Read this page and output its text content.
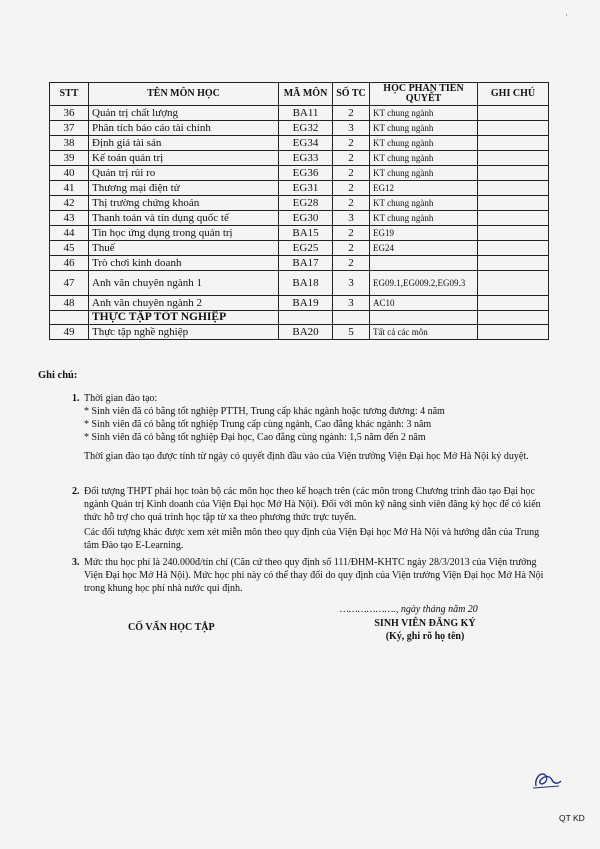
·
STT	TÊN MÔN HỌC	MÃ MÔN	SỐ TC	HỌC PHẦN TIÊN QUYẾT	GHI CHÚ
36	Quản trị chất lượng	BA11	2	KT chung ngành	
37	Phân tích báo cáo tài chính	EG32	3	KT chung ngành	
38	Định giá tài sản	EG34	2	KT chung ngành	
39	Kế toán quản trị	EG33	2	KT chung ngành	
40	Quản trị rủi ro	EG36	2	KT chung ngành	
41	Thương mại điện tử	EG31	2	EG12	
42	Thị trường chứng khoán	EG28	2	KT chung ngành	
43	Thanh toán và tín dụng quốc tế	EG30	3	KT chung ngành	
44	Tin học ứng dụng trong quản trị	BA15	2	EG19	
45	Thuế	EG25	2	EG24	
46	Trò chơi kinh doanh	BA17	2		
47	Anh văn chuyên ngành 1	BA18	3	EG09.1,EG009.2,EG09.3	
48	Anh văn chuyên ngành 2	BA19	3	AC10	
	THỰC TẬP TỐT NGHIỆP				
49	Thực tập nghề nghiệp	BA20	5	Tất cả các môn	
Ghi chú:
1. Thời gian đào tạo:

* Sinh viên đã có bằng tốt nghiệp PTTH, Trung cấp khác ngành hoặc tương đương: 4 năm

* Sinh viên đã có bằng tốt nghiệp Trung cấp cùng ngành, Cao đẳng khác ngành: 3 năm

* Sinh viên đã có bằng tốt nghiệp Đại học, Cao đẳng cùng ngành: 1,5 năm đến 2 năm

Thời gian đào tạo được tính từ ngày có quyết định đầu vào của Viện trưởng Viện Đại học Mở Hà Nội ký duyệt.

2. Đối tượng THPT phải học toàn bộ các môn học theo kế hoạch trên (các môn trong Chương trình đào tạo Đại học ngành Quản trị Kinh doanh của Viện Đại học Mở Hà Nội). Đối với môn kỹ năng sinh viên đăng ký học để có kiến thức hỗ trợ cho quá trình học tập từ xa theo phương thức trực tuyến.

Các đối tượng khác được xem xét miễn môn theo quy định của Viện Đại học Mở Hà Nội và hướng dẫn của Trung tâm Đào tạo E-Learning.

3. Mức thu học phí là 240.000đ/tín chỉ (Căn cứ theo quy định số 111/ĐHM-KHTC ngày 28/3/2013 của Viện trưởng Viện Đại học Mở Hà Nội). Mức học phí này có thể thay đổi do quy định của Viện trưởng Viện Đại học Mở Hà Nội trong khung học phí nhà nước qui định.

………………., ngày tháng năm 20
CỐ VẤN HỌC TẬP	SINH VIÊN ĐĂNG KÝ
(Ký, ghi rõ họ tên)
QT KD
